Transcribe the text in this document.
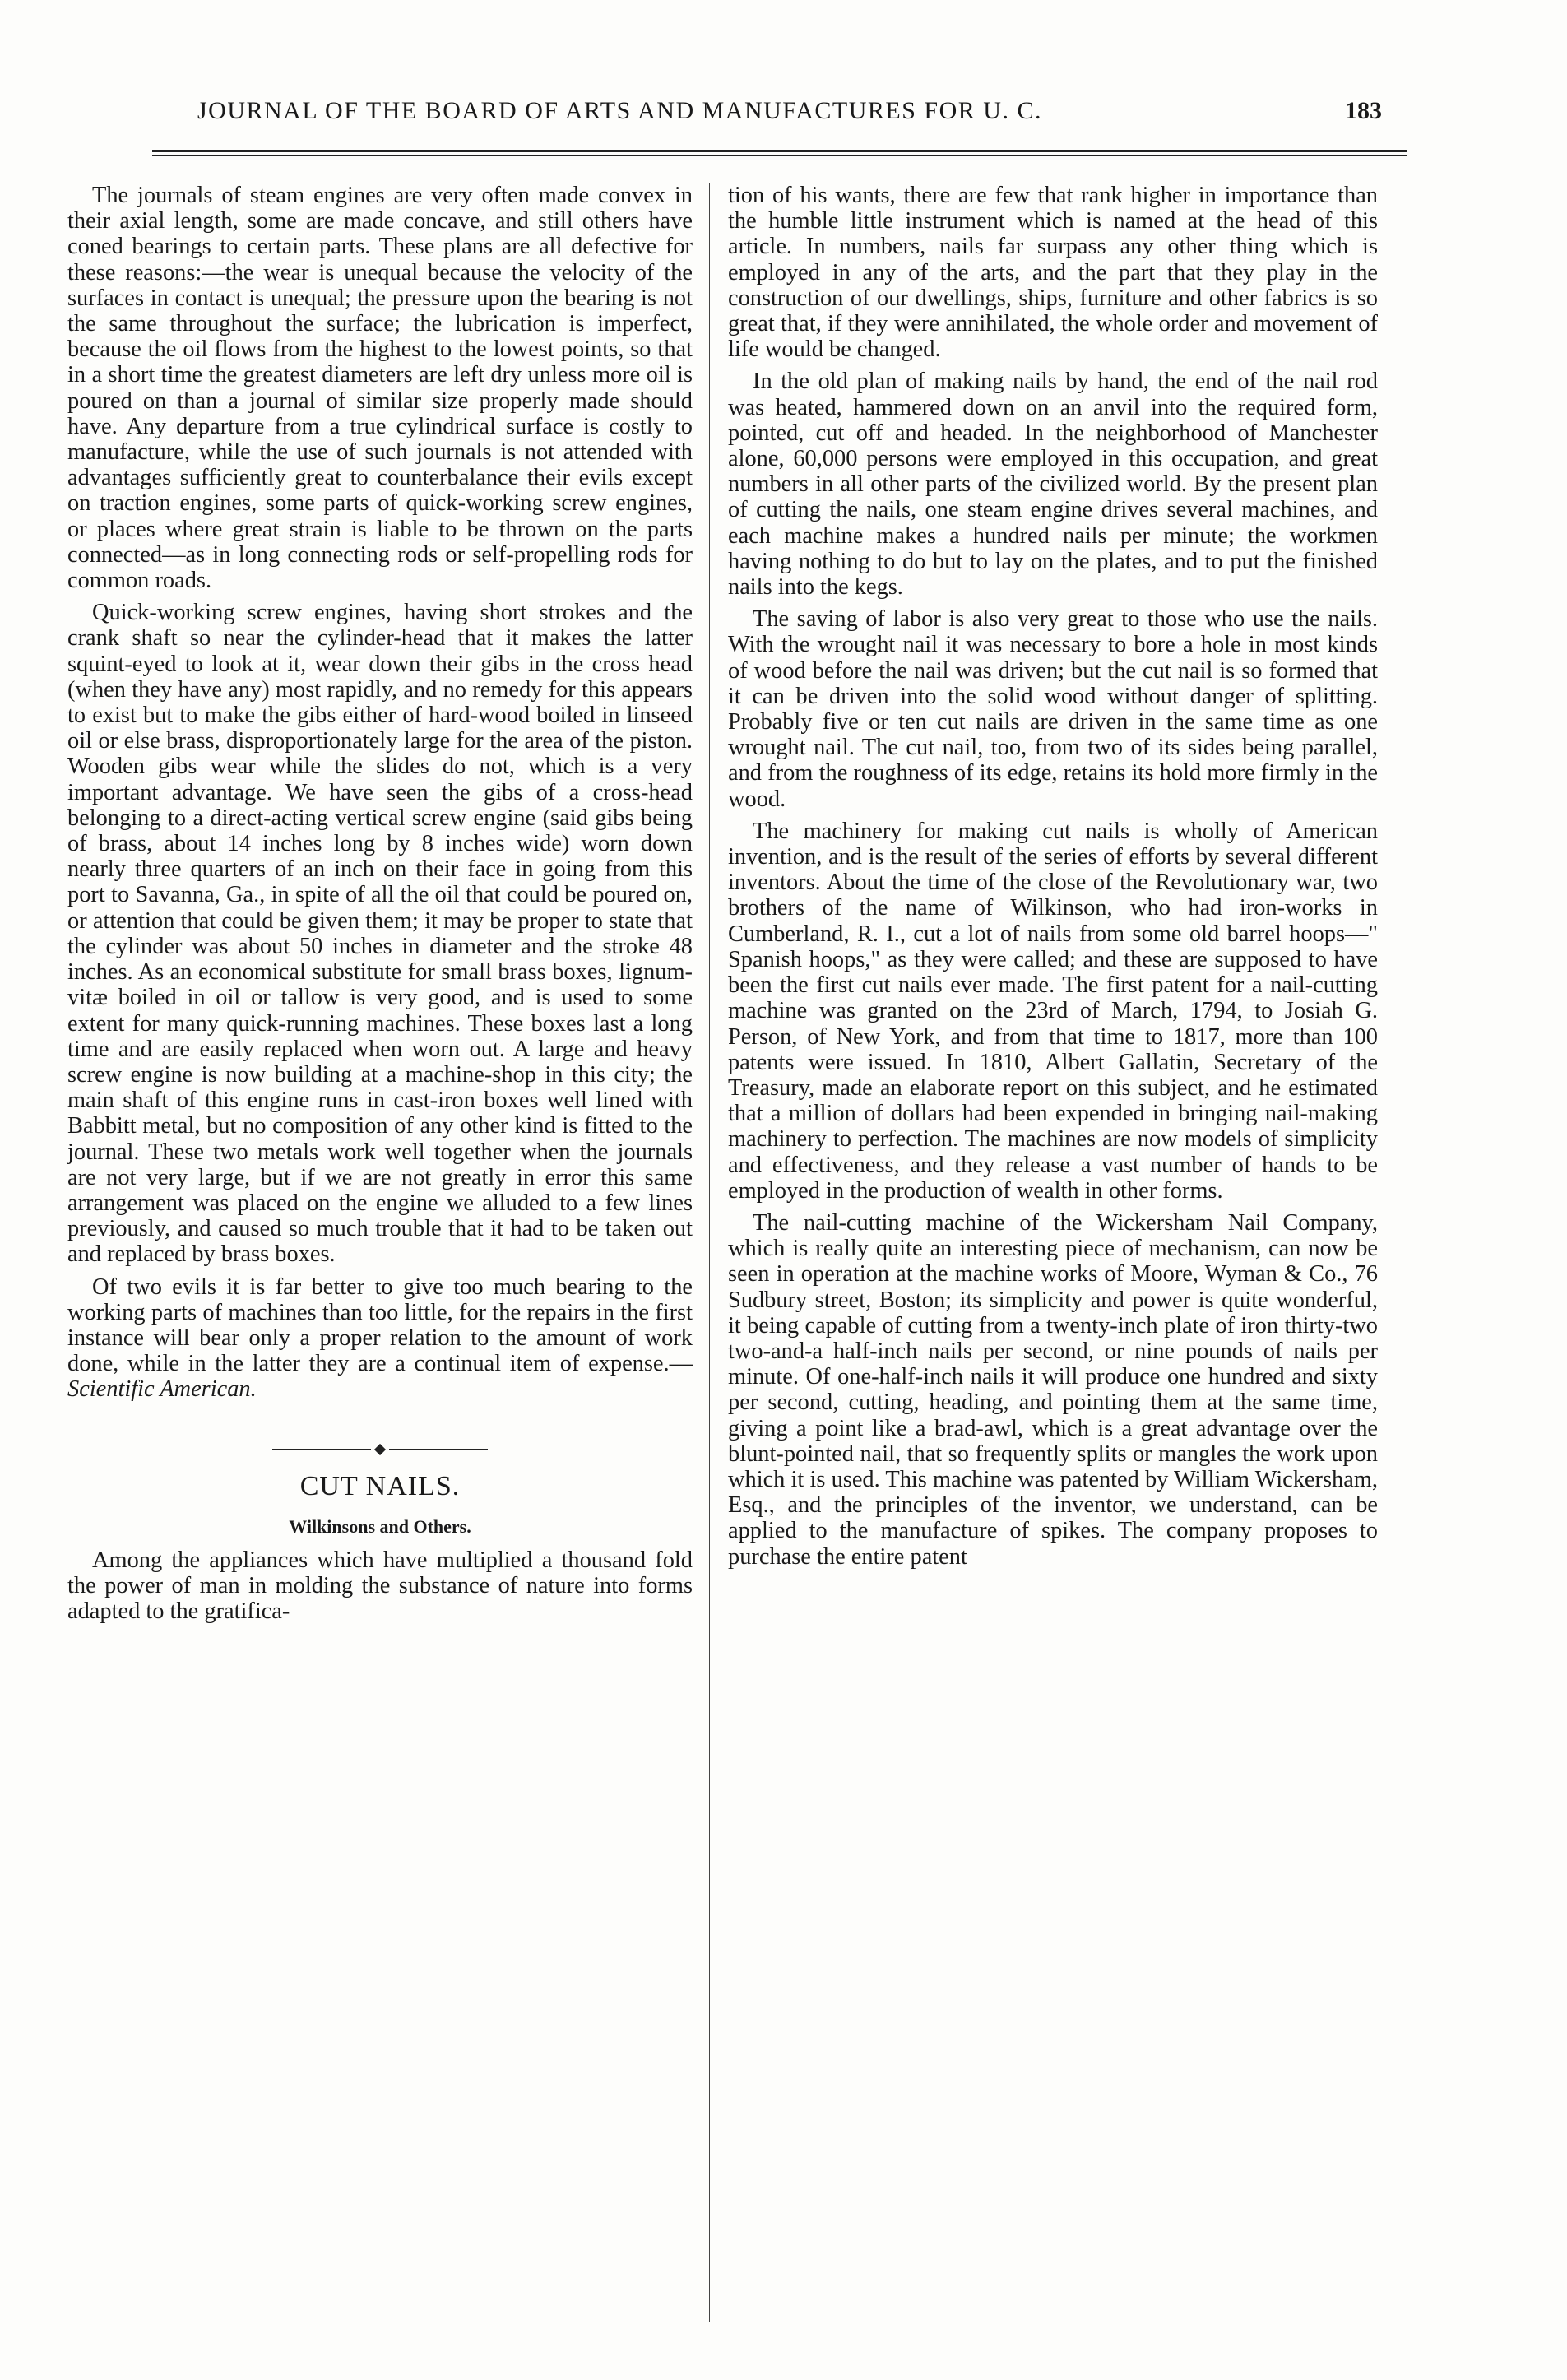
JOURNAL OF THE BOARD OF ARTS AND MANUFACTURES FOR U. C.	183

The journals of steam engines are very often made convex in their axial length, some are made concave, and still others have coned bearings to certain parts. These plans are all defective for these reasons:—the wear is unequal because the velocity of the surfaces in contact is unequal; the pressure upon the bearing is not the same throughout the surface; the lubrication is imperfect, because the oil flows from the highest to the lowest points, so that in a short time the greatest diameters are left dry unless more oil is poured on than a journal of similar size properly made should have. Any departure from a true cylindrical surface is costly to manufacture, while the use of such journals is not attended with advantages sufficiently great to counterbalance their evils except on traction engines, some parts of quick-working screw engines, or places where great strain is liable to be thrown on the parts connected—as in long connecting rods or self-propelling rods for common roads.

Quick-working screw engines, having short strokes and the crank shaft so near the cylinder-head that it makes the latter squint-eyed to look at it, wear down their gibs in the cross head (when they have any) most rapidly, and no remedy for this appears to exist but to make the gibs either of hard-wood boiled in linseed oil or else brass, disproportionately large for the area of the piston. Wooden gibs wear while the slides do not, which is a very important advantage. We have seen the gibs of a cross-head belonging to a direct-acting vertical screw engine (said gibs being of brass, about 14 inches long by 8 inches wide) worn down nearly three quarters of an inch on their face in going from this port to Savanna, Ga., in spite of all the oil that could be poured on, or attention that could be given them; it may be proper to state that the cylinder was about 50 inches in diameter and the stroke 48 inches. As an economical substitute for small brass boxes, lignum-vitæ boiled in oil or tallow is very good, and is used to some extent for many quick-running machines. These boxes last a long time and are easily replaced when worn out. A large and heavy screw engine is now building at a machine-shop in this city; the main shaft of this engine runs in cast-iron boxes well lined with Babbitt metal, but no composition of any other kind is fitted to the journal. These two metals work well together when the journals are not very large, but if we are not greatly in error this same arrangement was placed on the engine we alluded to a few lines previously, and caused so much trouble that it had to be taken out and replaced by brass boxes.

Of two evils it is far better to give too much bearing to the working parts of machines than too little, for the repairs in the first instance will bear only a proper relation to the amount of work done, while in the latter they are a continual item of expense.—Scientific American.

CUT NAILS.
Wilkinsons and Others.

Among the appliances which have multiplied a thousand fold the power of man in molding the substance of nature into forms adapted to the gratifica-

tion of his wants, there are few that rank higher in importance than the humble little instrument which is named at the head of this article. In numbers, nails far surpass any other thing which is employed in any of the arts, and the part that they play in the construction of our dwellings, ships, furniture and other fabrics is so great that, if they were annihilated, the whole order and movement of life would be changed.

In the old plan of making nails by hand, the end of the nail rod was heated, hammered down on an anvil into the required form, pointed, cut off and headed. In the neighborhood of Manchester alone, 60,000 persons were employed in this occupation, and great numbers in all other parts of the civilized world. By the present plan of cutting the nails, one steam engine drives several machines, and each machine makes a hundred nails per minute; the workmen having nothing to do but to lay on the plates, and to put the finished nails into the kegs.

The saving of labor is also very great to those who use the nails. With the wrought nail it was necessary to bore a hole in most kinds of wood before the nail was driven; but the cut nail is so formed that it can be driven into the solid wood without danger of splitting. Probably five or ten cut nails are driven in the same time as one wrought nail. The cut nail, too, from two of its sides being parallel, and from the roughness of its edge, retains its hold more firmly in the wood.

The machinery for making cut nails is wholly of American invention, and is the result of the series of efforts by several different inventors. About the time of the close of the Revolutionary war, two brothers of the name of Wilkinson, who had iron-works in Cumberland, R. I., cut a lot of nails from some old barrel hoops—" Spanish hoops," as they were called; and these are supposed to have been the first cut nails ever made. The first patent for a nail-cutting machine was granted on the 23rd of March, 1794, to Josiah G. Person, of New York, and from that time to 1817, more than 100 patents were issued. In 1810, Albert Gallatin, Secretary of the Treasury, made an elaborate report on this subject, and he estimated that a million of dollars had been expended in bringing nail-making machinery to perfection. The machines are now models of simplicity and effectiveness, and they release a vast number of hands to be employed in the production of wealth in other forms.

The nail-cutting machine of the Wickersham Nail Company, which is really quite an interesting piece of mechanism, can now be seen in operation at the machine works of Moore, Wyman & Co., 76 Sudbury street, Boston; its simplicity and power is quite wonderful, it being capable of cutting from a twenty-inch plate of iron thirty-two two-and-a half-inch nails per second, or nine pounds of nails per minute. Of one-half-inch nails it will produce one hundred and sixty per second, cutting, heading, and pointing them at the same time, giving a point like a brad-awl, which is a great advantage over the blunt-pointed nail, that so frequently splits or mangles the work upon which it is used. This machine was patented by William Wickersham, Esq., and the principles of the inventor, we understand, can be applied to the manufacture of spikes. The company proposes to purchase the entire patent
